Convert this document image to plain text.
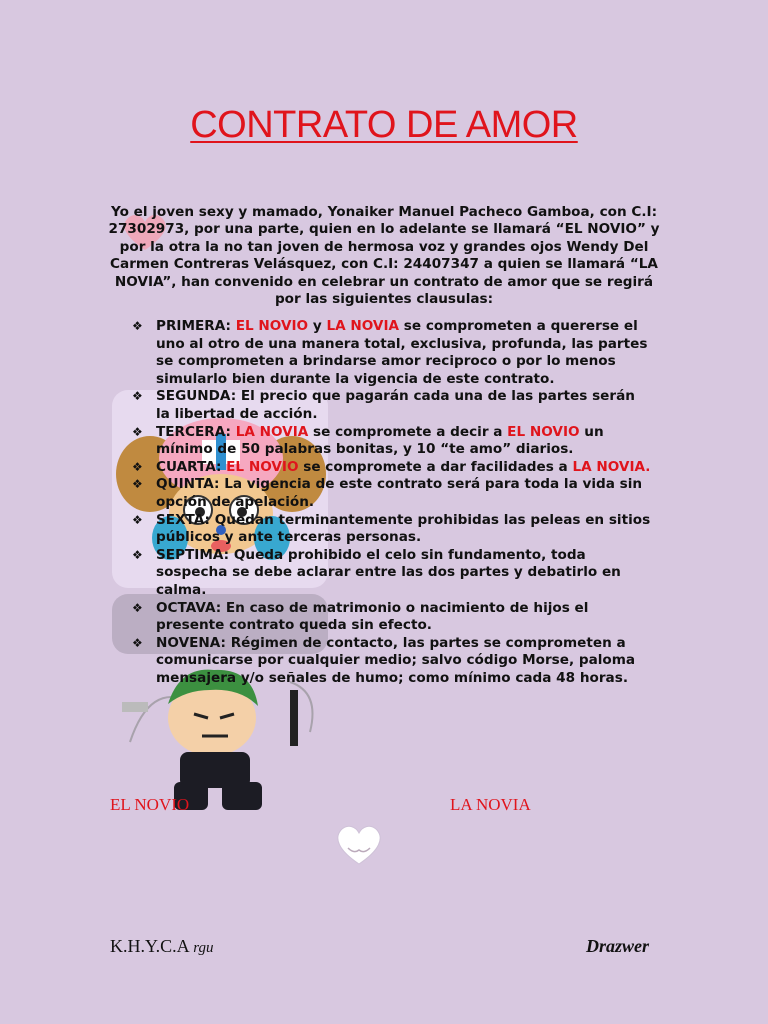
CONTRATO DE AMOR
Yo el joven sexy y mamado, Yonaiker Manuel Pacheco Gamboa, con C.I: 27302973, por una parte, quien en lo adelante se llamará “EL NOVIO” y por la otra la no tan joven de hermosa voz y grandes ojos Wendy Del Carmen Contreras Velásquez, con C.I: 24407347 a quien se llamará “LA NOVIA”, han convenido en celebrar un contrato de amor que se regirá por las siguientes clausulas:
❖ PRIMERA: EL NOVIO y LA NOVIA se comprometen a quererse el uno al otro de una manera total, exclusiva, profunda, las partes se comprometen a brindarse amor reciproco o por lo menos simularlo bien durante la vigencia de este contrato.
❖ SEGUNDA: El precio que pagarán cada una de las partes serán la libertad de acción.
❖ TERCERA: LA NOVIA se compromete a decir a EL NOVIO un mínimo de 50 palabras bonitas, y 10 “te amo” diarios.
❖ CUARTA: EL NOVIO se compromete a dar facilidades a LA NOVIA.
❖ QUINTA: La vigencia de este contrato será para toda la vida sin opción de apelación.
❖ SEXTA: Quedan terminantemente prohibidas las peleas en sitios públicos y ante terceras personas.
❖ SEPTIMA: Queda prohibido el celo sin fundamento, toda sospecha se debe aclarar entre las dos partes y debatirlo en calma.
❖ OCTAVA: En caso de matrimonio o nacimiento de hijos el presente contrato queda sin efecto.
❖ NOVENA: Régimen de contacto, las partes se comprometen a comunicarse por cualquier medio; salvo código Morse, paloma mensajera y/o señales de humo; como mínimo cada 48 horas.
EL NOVIO	LA NOVIA
K.H.Y.C.A rgu	Drazwer
